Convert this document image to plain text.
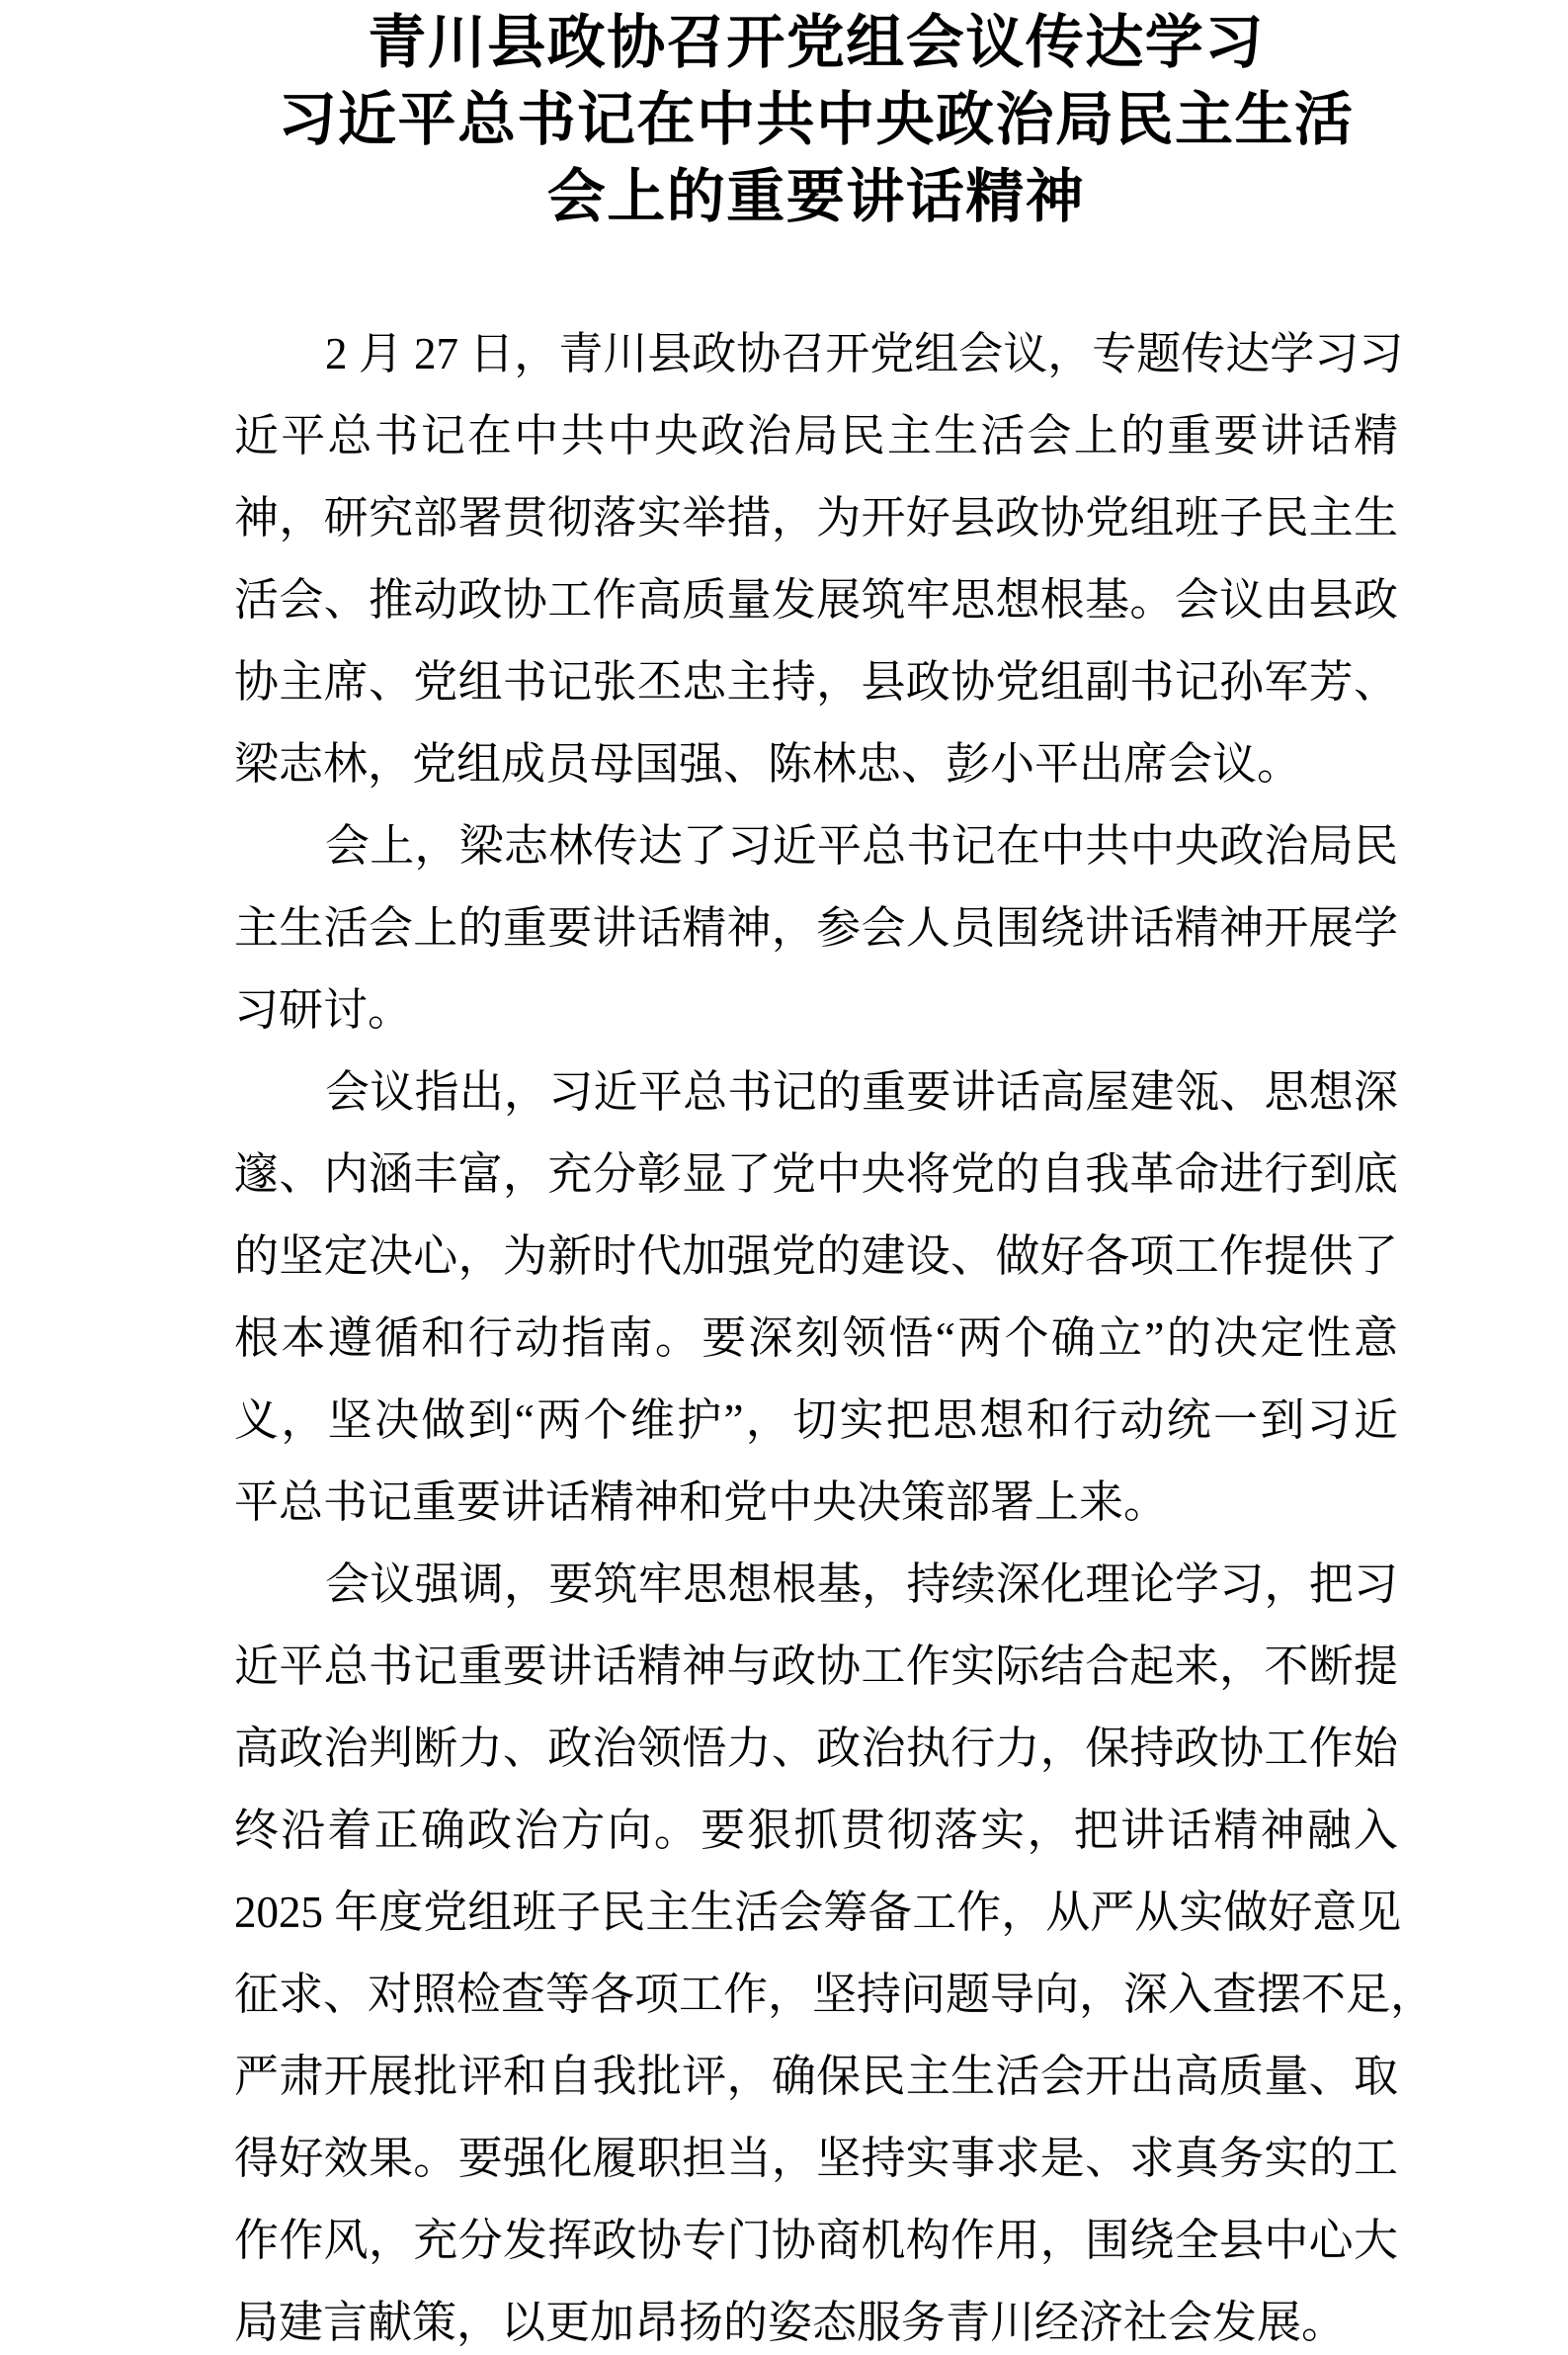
青川县政协召开党组会议传达学习
习近平总书记在中共中央政治局民主生活
会上的重要讲话精神
2 月 27 日，青川县政协召开党组会议，专题传达学习习
近平总书记在中共中央政治局民主生活会上的重要讲话精
神，研究部署贯彻落实举措，为开好县政协党组班子民主生
活会、推动政协工作高质量发展筑牢思想根基。会议由县政
协主席、党组书记张丕忠主持，县政协党组副书记孙军芳、
梁志林，党组成员母国强、陈林忠、彭小平出席会议。
会上，梁志林传达了习近平总书记在中共中央政治局民
主生活会上的重要讲话精神，参会人员围绕讲话精神开展学
习研讨。
会议指出，习近平总书记的重要讲话高屋建瓴、思想深
邃、内涵丰富，充分彰显了党中央将党的自我革命进行到底
的坚定决心，为新时代加强党的建设、做好各项工作提供了
根本遵循和行动指南。要深刻领悟“两个确立”的决定性意
义，坚决做到“两个维护”，切实把思想和行动统一到习近
平总书记重要讲话精神和党中央决策部署上来。
会议强调，要筑牢思想根基，持续深化理论学习，把习
近平总书记重要讲话精神与政协工作实际结合起来，不断提
高政治判断力、政治领悟力、政治执行力，保持政协工作始
终沿着正确政治方向。要狠抓贯彻落实，把讲话精神融入
2025 年度党组班子民主生活会筹备工作，从严从实做好意见
征求、对照检查等各项工作，坚持问题导向，深入查摆不足，
严肃开展批评和自我批评，确保民主生活会开出高质量、取
得好效果。要强化履职担当，坚持实事求是、求真务实的工
作作风，充分发挥政协专门协商机构作用，围绕全县中心大
局建言献策，以更加昂扬的姿态服务青川经济社会发展。
